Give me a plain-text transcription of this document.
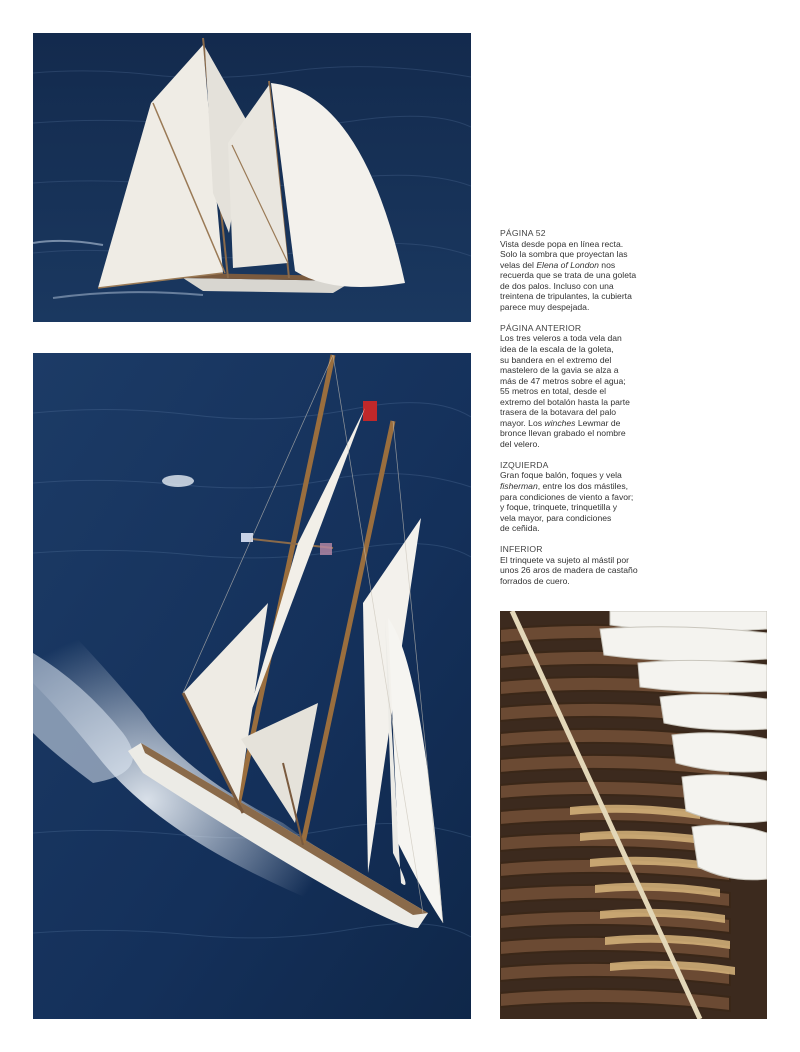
PÁGINA 52

Vista desde popa en línea recta.
Solo la sombra que proyectan las
velas del Elena of London nos
recuerda que se trata de una goleta
de dos palos. Incluso con una
treintena de tripulantes, la cubierta
parece muy despejada.

PÁGINA ANTERIOR

Los tres veleros a toda vela dan
idea de la escala de la goleta,
su bandera en el extremo del
mastelero de la gavia se alza a
más de 47 metros sobre el agua;
55 metros en total, desde el
extremo del botalón hasta la parte
trasera de la botavara del palo
mayor. Los winches Lewmar de
bronce llevan grabado el nombre
del velero.

IZQUIERDA

Gran foque balón, foques y vela
fisherman, entre los dos mástiles,
para condiciones de viento a favor;
y foque, trinquete, trinquetilla y
vela mayor, para condiciones
de ceñida.

INFERIOR

El trinquete va sujeto al mástil por
unos 26 aros de madera de castaño
forrados de cuero.
